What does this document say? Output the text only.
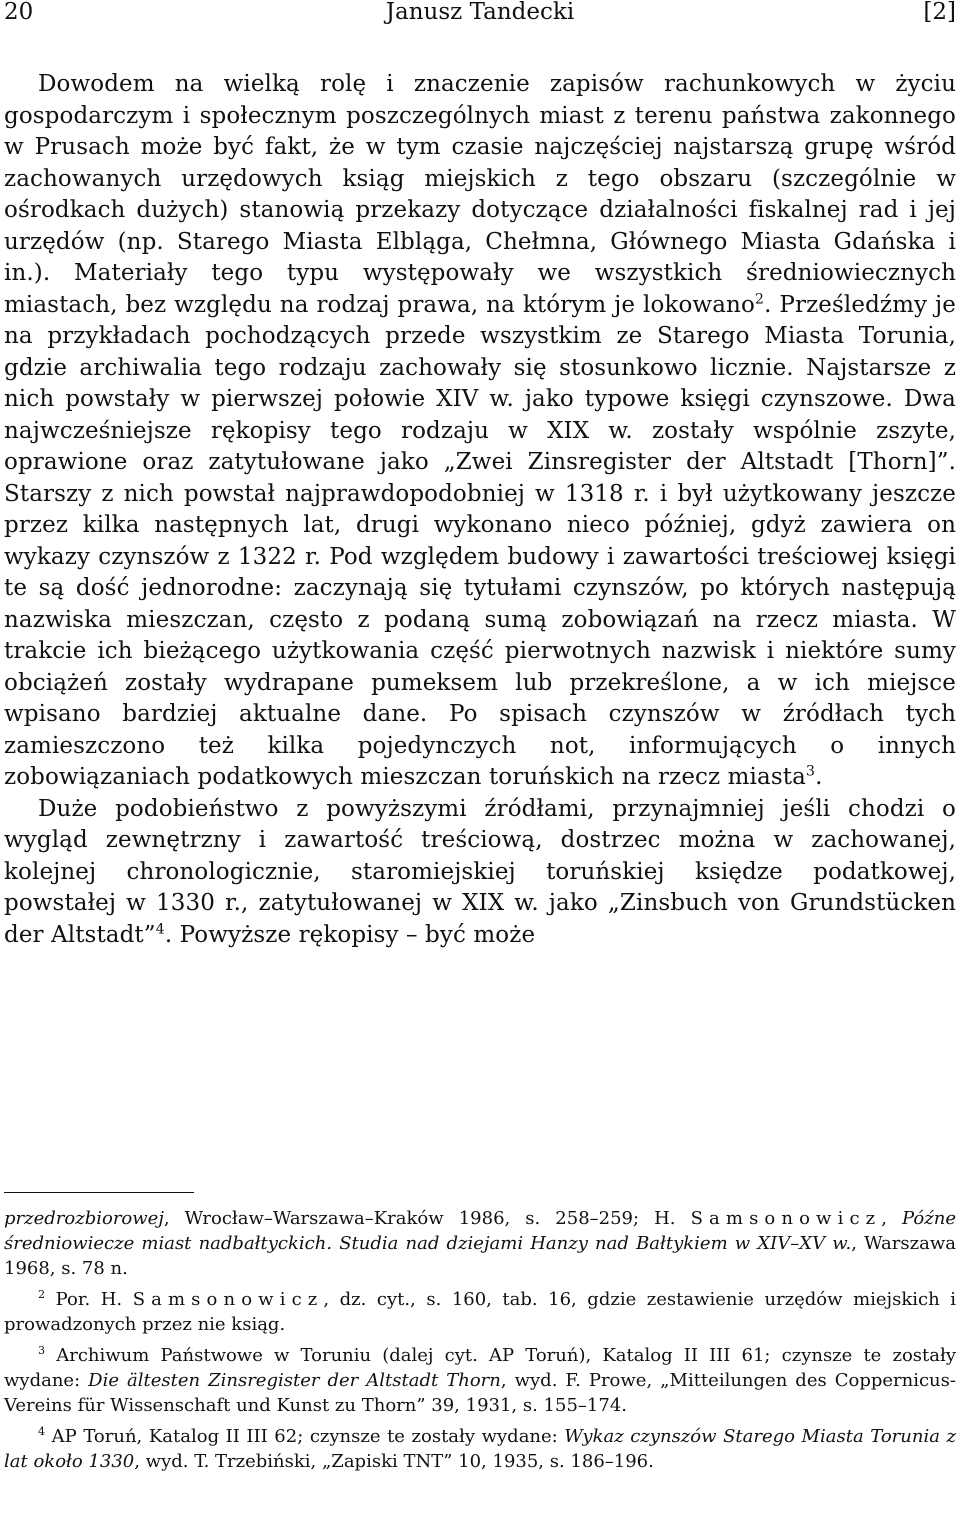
20	Janusz Tandecki	[2]

Dowodem na wielką rolę i znaczenie zapisów rachunkowych w życiu gospodarczym i społecznym poszczególnych miast z terenu państwa zakonnego w Prusach może być fakt, że w tym czasie najczęściej najstarszą grupę wśród zachowanych urzędowych ksiąg miejskich z tego obszaru (szczególnie w ośrodkach dużych) stanowią przekazy dotyczące działalności fiskalnej rad i jej urzędów (np. Starego Miasta Elbląga, Chełmna, Głównego Miasta Gdańska i in.). Materiały tego typu występowały we wszystkich średniowiecznych miastach, bez względu na rodzaj prawa, na którym je lokowano$^2$. Prześledźmy je na przykładach pochodzących przede wszystkim ze Starego Miasta Torunia, gdzie archiwalia tego rodzaju zachowały się stosunkowo licznie. Najstarsze z nich powstały w pierwszej połowie XIV w. jako typowe księgi czynszowe. Dwa najwcześniejsze rękopisy tego rodzaju w XIX w. zostały wspólnie zszyte, oprawione oraz zatytułowane jako „Zwei Zinsregister der Altstadt [Thorn]”. Starszy z nich powstał najprawdopodobniej w 1318 r. i był użytkowany jeszcze przez kilka następnych lat, drugi wykonano nieco później, gdyż zawiera on wykazy czynszów z 1322 r. Pod względem budowy i zawartości treściowej księgi te są dość jednorodne: zaczynają się tytułami czynszów, po których następują nazwiska mieszczan, często z podaną sumą zobowiązań na rzecz miasta. W trakcie ich bieżącego użytkowania część pierwotnych nazwisk i niektóre sumy obciążeń zostały wydrapane pumeksem lub przekreślone, a w ich miejsce wpisano bardziej aktualne dane. Po spisach czynszów w źródłach tych zamieszczono też kilka pojedynczych not, informujących o innych zobowiązaniach podatkowych mieszczan toruńskich na rzecz miasta$^3$.

Duże podobieństwo z powyższymi źródłami, przynajmniej jeśli chodzi o wygląd zewnętrzny i zawartość treściową, dostrzec można w zachowanej, kolejnej chronologicznie, staromiejskiej toruńskiej księdze podatkowej, powstałej w 1330 r., zatytułowanej w XIX w. jako „Zinsbuch von Grundstücken der Altstadt”$^4$. Powyższe rękopisy – być może

przedrozbiorowej, Wrocław–Warszawa–Kraków 1986, s. 258–259; H. Samsonowicz, Późne średniowiecze miast nadbałtyckich. Studia nad dziejami Hanzy nad Bałtykiem w XIV–XV w., Warszawa 1968, s. 78 n.

$^2$ Por. H. Samsonowicz, dz. cyt., s. 160, tab. 16, gdzie zestawienie urzędów miejskich i prowadzonych przez nie ksiąg.

$^3$ Archiwum Państwowe w Toruniu (dalej cyt. AP Toruń), Katalog II III 61; czynsze te zostały wydane: Die ältesten Zinsregister der Altstadt Thorn, wyd. F. Prowe, „Mitteilungen des Coppernicus-Vereins für Wissenschaft und Kunst zu Thorn” 39, 1931, s. 155–174.

$^4$ AP Toruń, Katalog II III 62; czynsze te zostały wydane: Wykaz czynszów Starego Miasta Torunia z lat około 1330, wyd. T. Trzebiński, „Zapiski TNT” 10, 1935, s. 186–196.
